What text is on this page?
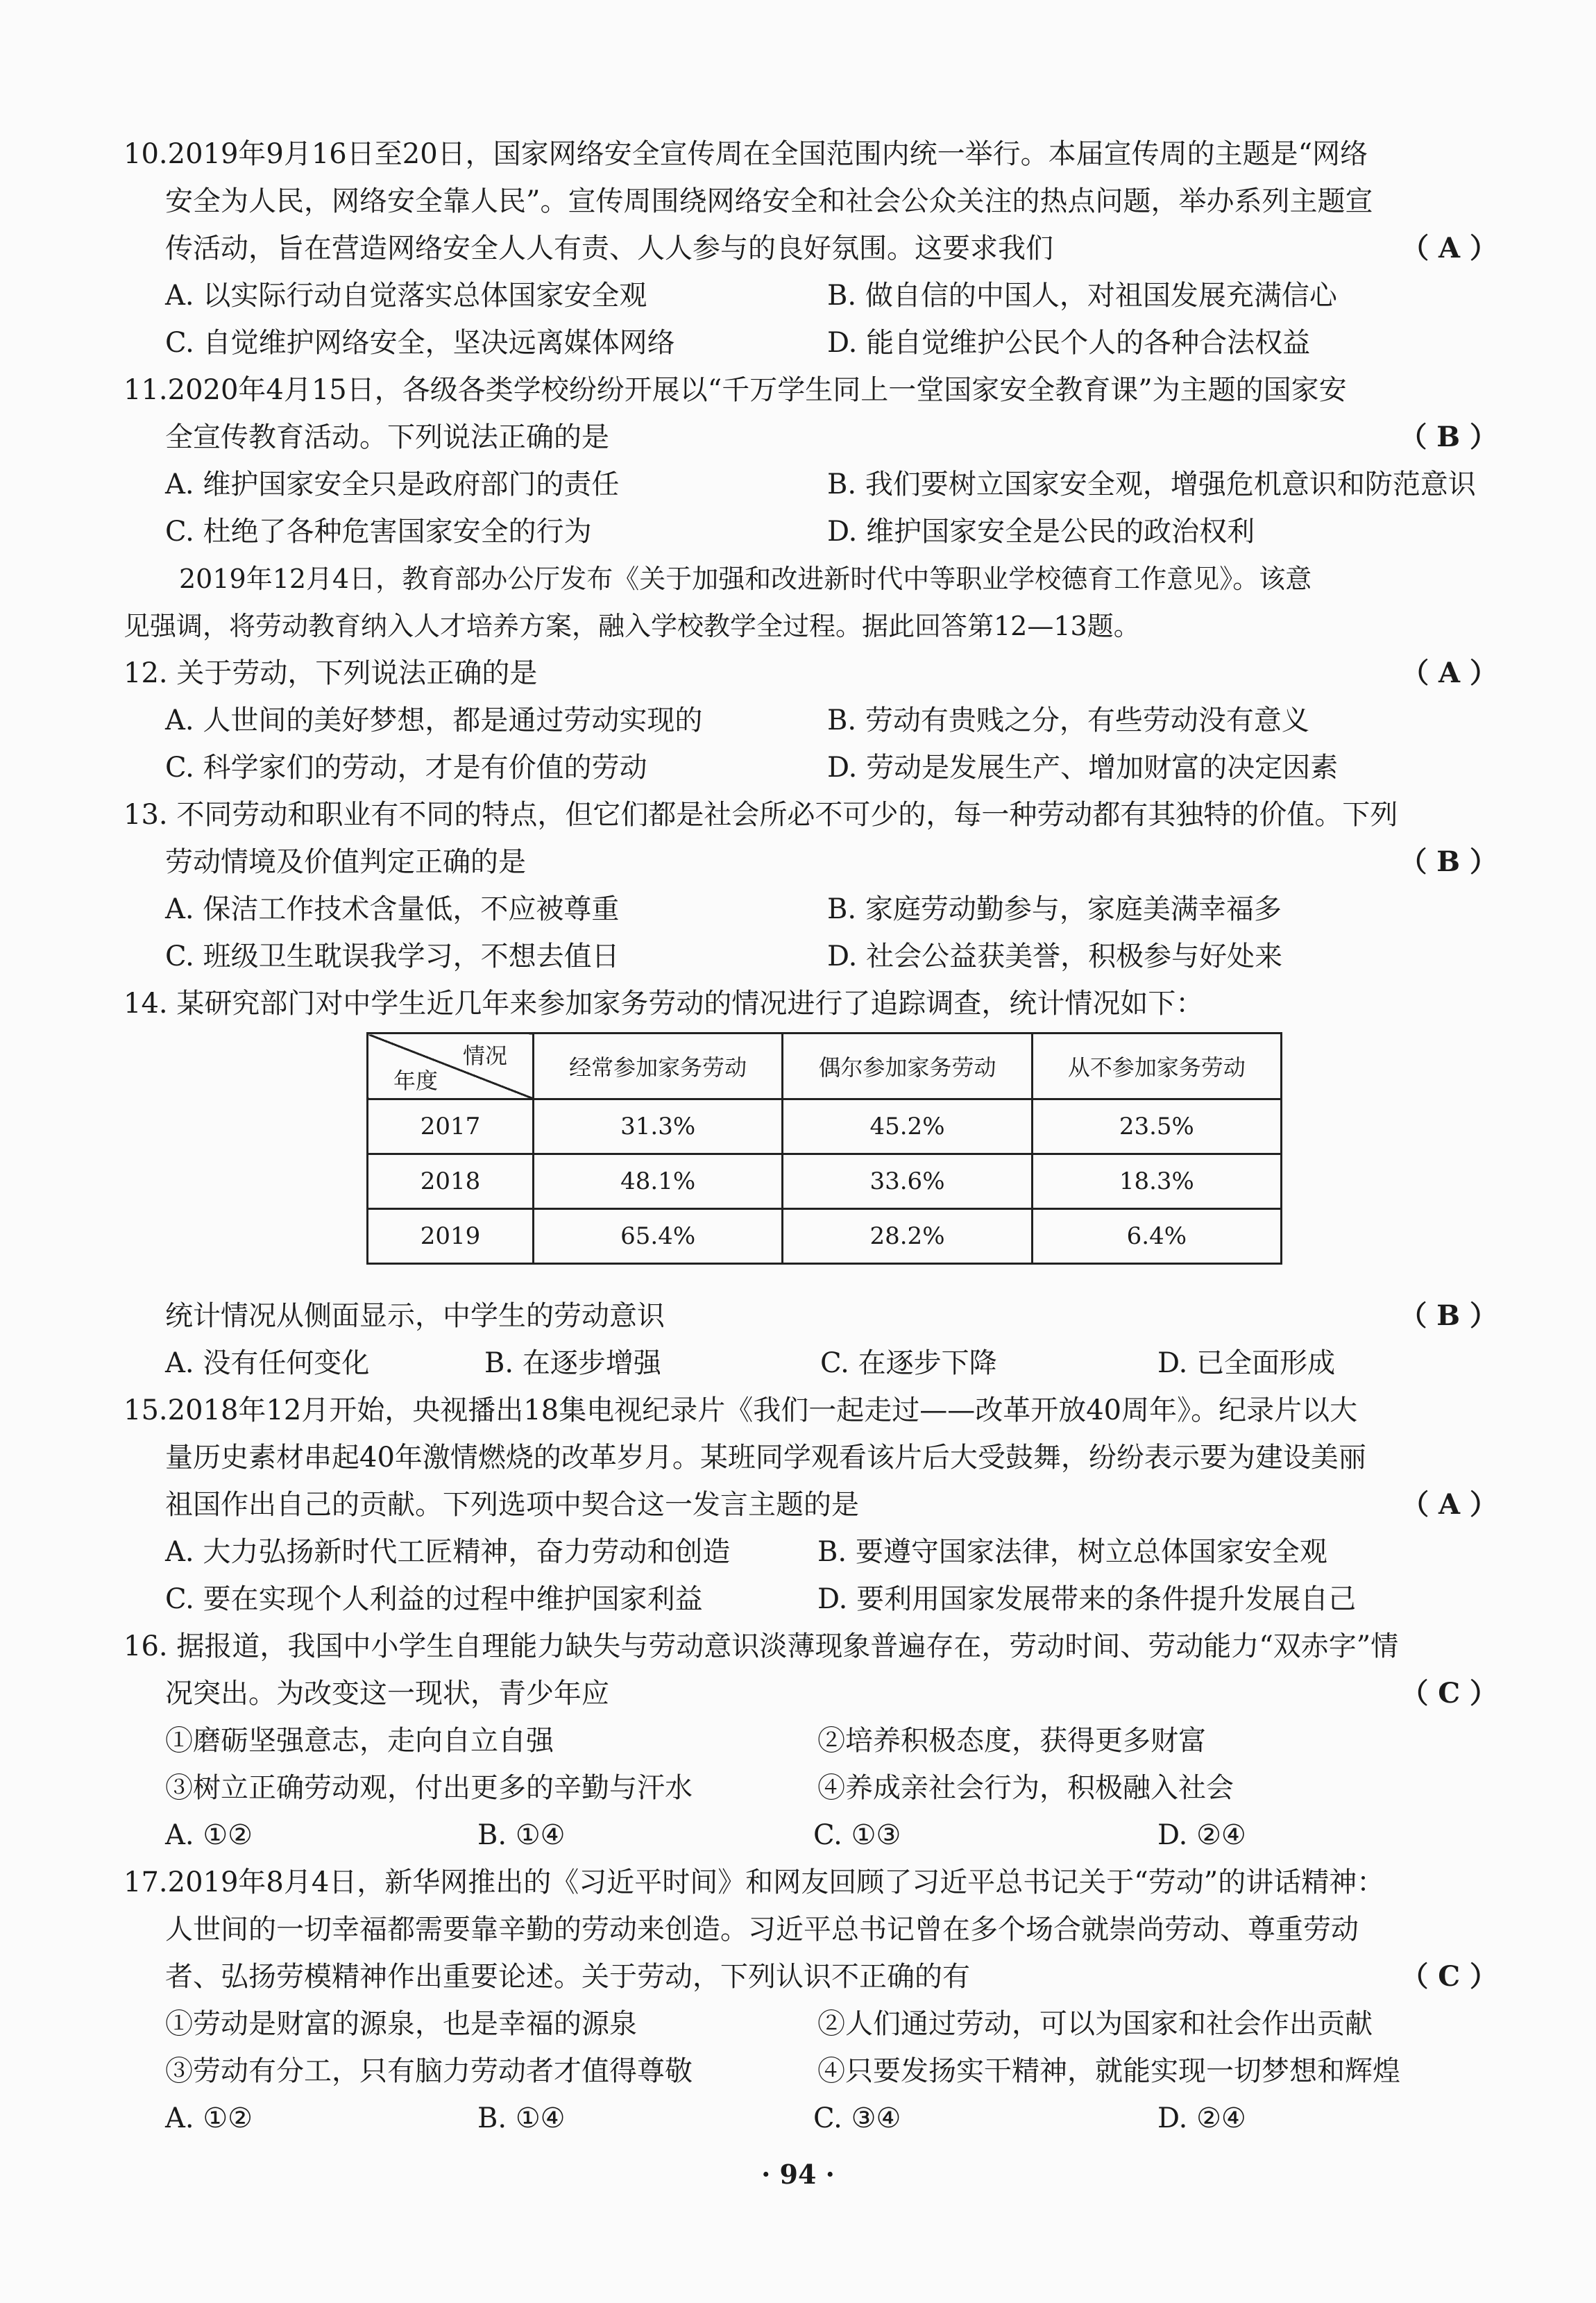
10.2019年9月16日至20日，国家网络安全宣传周在全国范围内统一举行。本届宣传周的主题是“网络
安全为人民，网络安全靠人民”。宣传周围绕网络安全和社会公众关注的热点问题，举办系列主题宣
传活动，旨在营造网络安全人人有责、人人参与的良好氛围。这要求我们	（ A ）
A. 以实际行动自觉落实总体国家安全观	B. 做自信的中国人，对祖国发展充满信心
C. 自觉维护网络安全，坚决远离媒体网络	D. 能自觉维护公民个人的各种合法权益
11.2020年4月15日，各级各类学校纷纷开展以“千万学生同上一堂国家安全教育课”为主题的国家安
全宣传教育活动。下列说法正确的是	（ B ）
A. 维护国家安全只是政府部门的责任	B. 我们要树立国家安全观，增强危机意识和防范意识
C. 杜绝了各种危害国家安全的行为	D. 维护国家安全是公民的政治权利
2019年12月4日，教育部办公厅发布《关于加强和改进新时代中等职业学校德育工作意见》。该意
见强调，将劳动教育纳入人才培养方案，融入学校教学全过程。据此回答第12—13题。
12. 关于劳动，下列说法正确的是	（ A ）
A. 人世间的美好梦想，都是通过劳动实现的	B. 劳动有贵贱之分，有些劳动没有意义
C. 科学家们的劳动，才是有价值的劳动	D. 劳动是发展生产、增加财富的决定因素
13. 不同劳动和职业有不同的特点，但它们都是社会所必不可少的，每一种劳动都有其独特的价值。下列
劳动情境及价值判定正确的是	（ B ）
A. 保洁工作技术含量低，不应被尊重	B. 家庭劳动勤参与，家庭美满幸福多
C. 班级卫生耽误我学习，不想去值日	D. 社会公益获美誉，积极参与好处来
14. 某研究部门对中学生近几年来参加家务劳动的情况进行了追踪调查，统计情况如下：
情况
年度	经常参加家务劳动	偶尔参加家务劳动	从不参加家务劳动
2017	31.3%	45.2%	23.5%
2018	48.1%	33.6%	18.3%
2019	65.4%	28.2%	6.4%
统计情况从侧面显示，中学生的劳动意识	（ B ）
A. 没有任何变化	B. 在逐步增强	C. 在逐步下降	D. 已全面形成
15.2018年12月开始，央视播出18集电视纪录片《我们一起走过——改革开放40周年》。纪录片以大
量历史素材串起40年激情燃烧的改革岁月。某班同学观看该片后大受鼓舞，纷纷表示要为建设美丽
祖国作出自己的贡献。下列选项中契合这一发言主题的是	（ A ）
A. 大力弘扬新时代工匠精神，奋力劳动和创造	B. 要遵守国家法律，树立总体国家安全观
C. 要在实现个人利益的过程中维护国家利益	D. 要利用国家发展带来的条件提升发展自己
16. 据报道，我国中小学生自理能力缺失与劳动意识淡薄现象普遍存在，劳动时间、劳动能力“双赤字”情
况突出。为改变这一现状，青少年应	（ C ）
①磨砺坚强意志，走向自立自强	②培养积极态度，获得更多财富
③树立正确劳动观，付出更多的辛勤与汗水	④养成亲社会行为，积极融入社会
A. ①②	B. ①④	C. ①③	D. ②④
17.2019年8月4日，新华网推出的《习近平时间》和网友回顾了习近平总书记关于“劳动”的讲话精神：
人世间的一切幸福都需要靠辛勤的劳动来创造。习近平总书记曾在多个场合就崇尚劳动、尊重劳动
者、弘扬劳模精神作出重要论述。关于劳动，下列认识不正确的有	（ C ）
①劳动是财富的源泉，也是幸福的源泉	②人们通过劳动，可以为国家和社会作出贡献
③劳动有分工，只有脑力劳动者才值得尊敬	④只要发扬实干精神，就能实现一切梦想和辉煌
A. ①②	B. ①④	C. ③④	D. ②④
· 94 ·
